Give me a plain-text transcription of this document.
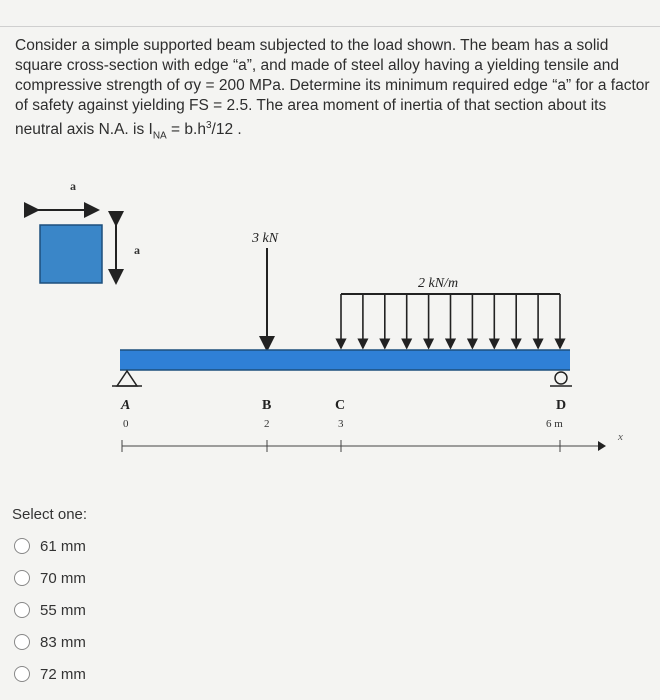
Consider a simple supported beam subjected to the load shown. The beam has a solid square cross-section with edge “a”, and made of steel alloy having a yielding tensile and compressive strength of σy = 200 MPa. Determine its minimum required edge “a” for a factor of safety against yielding FS = 2.5. The area moment of inertia of that section about its neutral axis N.A. is $I_{NA} = b.h^3/12$ .
a
a
3 kN
2 kN/m
A
0
B
2
C
3
D
6 m
x
Select one:
61 mm
70 mm
55 mm
83 mm
72 mm
